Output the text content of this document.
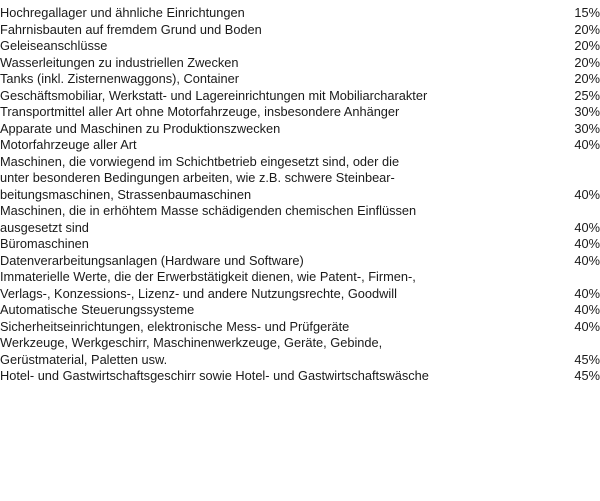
Hochregallager und ähnliche Einrichtungen	15%

Fahrnisbauten auf fremdem Grund und Boden	20%

Geleiseanschlüsse	20%

Wasserleitungen zu industriellen Zwecken	20%

Tanks (inkl. Zisternenwaggons), Container	20%

Geschäftsmobiliar, Werkstatt- und Lagereinrichtungen mit Mobiliarcharakter	25%

Transportmittel aller Art ohne Motorfahrzeuge, insbesondere Anhänger	30%

Apparate und Maschinen zu Produktionszwecken	30%

Motorfahrzeuge aller Art	40%

Maschinen, die vorwiegend im Schichtbetrieb eingesetzt sind, oder die
unter besonderen Bedingungen arbeiten, wie z.B. schwere Steinbear-
beitungsmaschinen, Strassenbaumaschinen	40%

Maschinen, die in erhöhtem Masse schädigenden chemischen Einflüssen
ausgesetzt sind	40%

Büromaschinen	40%

Datenverarbeitungsanlagen (Hardware und Software)	40%

Immaterielle Werte, die der Erwerbstätigkeit dienen, wie Patent-, Firmen-,
Verlags-, Konzessions-, Lizenz- und andere Nutzungsrechte, Goodwill	40%

Automatische Steuerungssysteme	40%

Sicherheitseinrichtungen, elektronische Mess- und Prüfgeräte	40%

Werkzeuge, Werkgeschirr, Maschinenwerkzeuge, Geräte, Gebinde,
Gerüstmaterial, Paletten usw.	45%

Hotel- und Gastwirtschaftsgeschirr sowie Hotel- und Gastwirtschaftswäsche	45%
